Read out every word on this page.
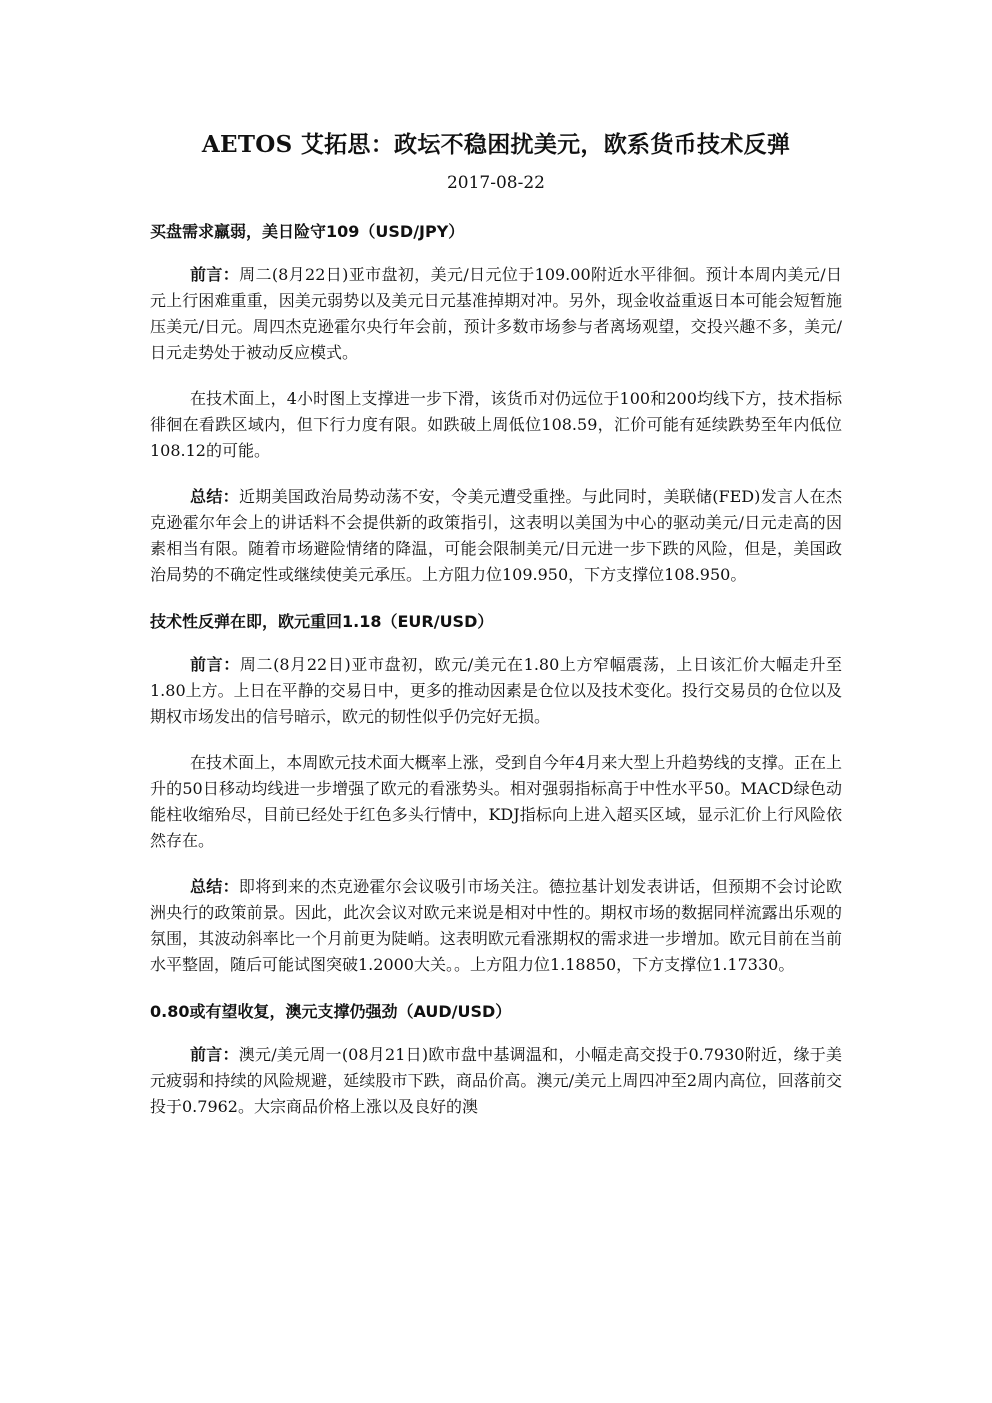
AETOS 艾拓思：政坛不稳困扰美元，欧系货币技术反弹
2017-08-22
买盘需求羸弱，美日险守109（USD/JPY）

前言：周二(8月22日)亚市盘初，美元/日元位于109.00附近水平徘徊。预计本周内美元/日元上行困难重重，因美元弱势以及美元日元基准掉期对冲。另外，现金收益重返日本可能会短暂施压美元/日元。周四杰克逊霍尔央行年会前，预计多数市场参与者离场观望，交投兴趣不多，美元/日元走势处于被动反应模式。

在技术面上，4小时图上支撑进一步下滑，该货币对仍远位于100和200均线下方，技术指标徘徊在看跌区域内，但下行力度有限。如跌破上周低位108.59，汇价可能有延续跌势至年内低位108.12的可能。

总结：近期美国政治局势动荡不安，令美元遭受重挫。与此同时，美联储(FED)发言人在杰克逊霍尔年会上的讲话料不会提供新的政策指引，这表明以美国为中心的驱动美元/日元走高的因素相当有限。随着市场避险情绪的降温，可能会限制美元/日元进一步下跌的风险，但是，美国政治局势的不确定性或继续使美元承压。上方阻力位109.950，下方支撑位108.950。

技术性反弹在即，欧元重回1.18（EUR/USD）

前言：周二(8月22日)亚市盘初，欧元/美元在1.80上方窄幅震荡，上日该汇价大幅走升至1.80上方。上日在平静的交易日中，更多的推动因素是仓位以及技术变化。投行交易员的仓位以及期权市场发出的信号暗示，欧元的韧性似乎仍完好无损。

在技术面上，本周欧元技术面大概率上涨，受到自今年4月来大型上升趋势线的支撑。正在上升的50日移动均线进一步增强了欧元的看涨势头。相对强弱指标高于中性水平50。MACD绿色动能柱收缩殆尽，目前已经处于红色多头行情中，KDJ指标向上进入超买区域，显示汇价上行风险依然存在。

总结：即将到来的杰克逊霍尔会议吸引市场关注。德拉基计划发表讲话，但预期不会讨论欧洲央行的政策前景。因此，此次会议对欧元来说是相对中性的。期权市场的数据同样流露出乐观的氛围，其波动斜率比一个月前更为陡峭。这表明欧元看涨期权的需求进一步增加。欧元目前在当前水平整固，随后可能试图突破1.2000大关。。上方阻力位1.18850，下方支撑位1.17330。

0.80或有望收复，澳元支撑仍强劲（AUD/USD）

前言：澳元/美元周一(08月21日)欧市盘中基调温和，小幅走高交投于0.7930附近，缘于美元疲弱和持续的风险规避，延续股市下跌，商品价高。澳元/美元上周四冲至2周内高位，回落前交投于0.7962。大宗商品价格上涨以及良好的澳
